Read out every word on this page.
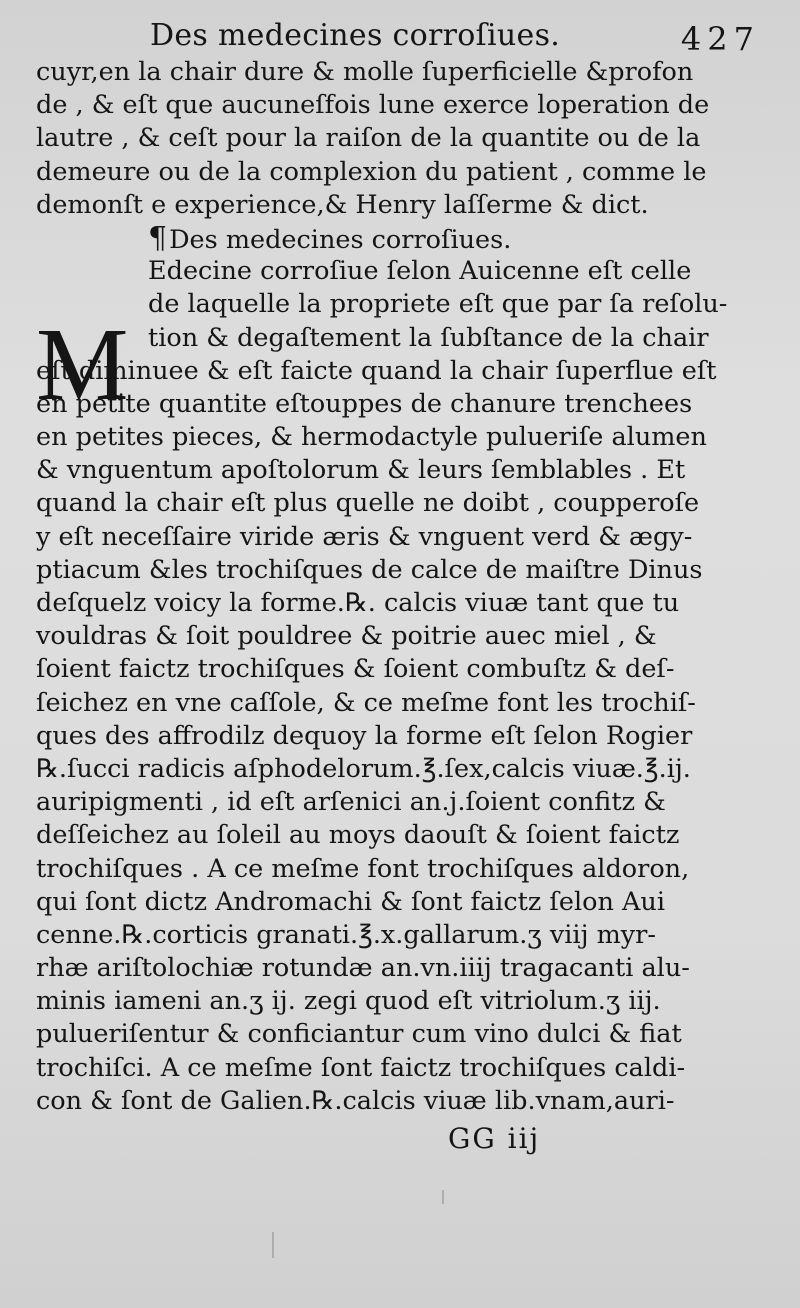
Des medecines corroſiues.	427
cuyr,en la chair dure & molle ſuperficielle &profon
de , & eſt que aucuneſfois lune exerce loperation de
lautre , & ceſt pour la raiſon de la quantite ou de la
demeure ou de la complexion du patient , comme le
demonſt e experience,& Henry laſſerme & dict.
¶Des medecines corroſiues.
Edecine corroſiue ſelon Auicenne eſt celle
de laquelle la propriete eſt que par ſa reſolu-
tion & degaſtement la ſubſtance de la chair
eſt diminuee & eſt faicte quand la chair ſuperflue eſt
en petite quantite eſtouppes de chanure trenchees
en petites pieces, & hermodactyle pulueriſe alumen
& vnguentum apoſtolorum & leurs ſemblables . Et
quand la chair eſt plus quelle ne doibt , coupperoſe
y eſt neceſſaire viride æris & vnguent verd & ægy-
ptiacum &les trochiſques de calce de maiſtre Dinus
deſquelz voicy la forme.℞. calcis viuæ tant que tu
vouldras & ſoit pouldree & poitrie auec miel , &
ſoient faictz trochiſques & ſoient combuſtz & deſ-
ſeichez en vne caſſole, & ce meſme font les trochiſ-
ques des affrodilz dequoy la forme eſt ſelon Rogier
℞.ſucci radicis aſphodelorum.℥.ſex,calcis viuæ.℥.ij.
auripigmenti , id eſt arſenici an.j.ſoient confitz &
deſſeichez au ſoleil au moys daouſt & ſoient faictz
trochiſques . A ce meſme font trochiſques aldoron,
qui ſont dictz Andromachi & ſont faictz ſelon Aui
cenne.℞.corticis granati.℥.x.gallarum.ʒ viij myr-
rhæ ariſtolochiæ rotundæ an.vn.iiij tragacanti alu-
minis iameni an.ʒ ij. zegi quod eſt vitriolum.ʒ iij.
pulueriſentur & conficiantur cum vino dulci & fiat
trochiſci. A ce meſme ſont faictz trochiſques caldi-
con & ſont de Galien.℞.calcis viuæ lib.vnam,auri-
M
GG iij
